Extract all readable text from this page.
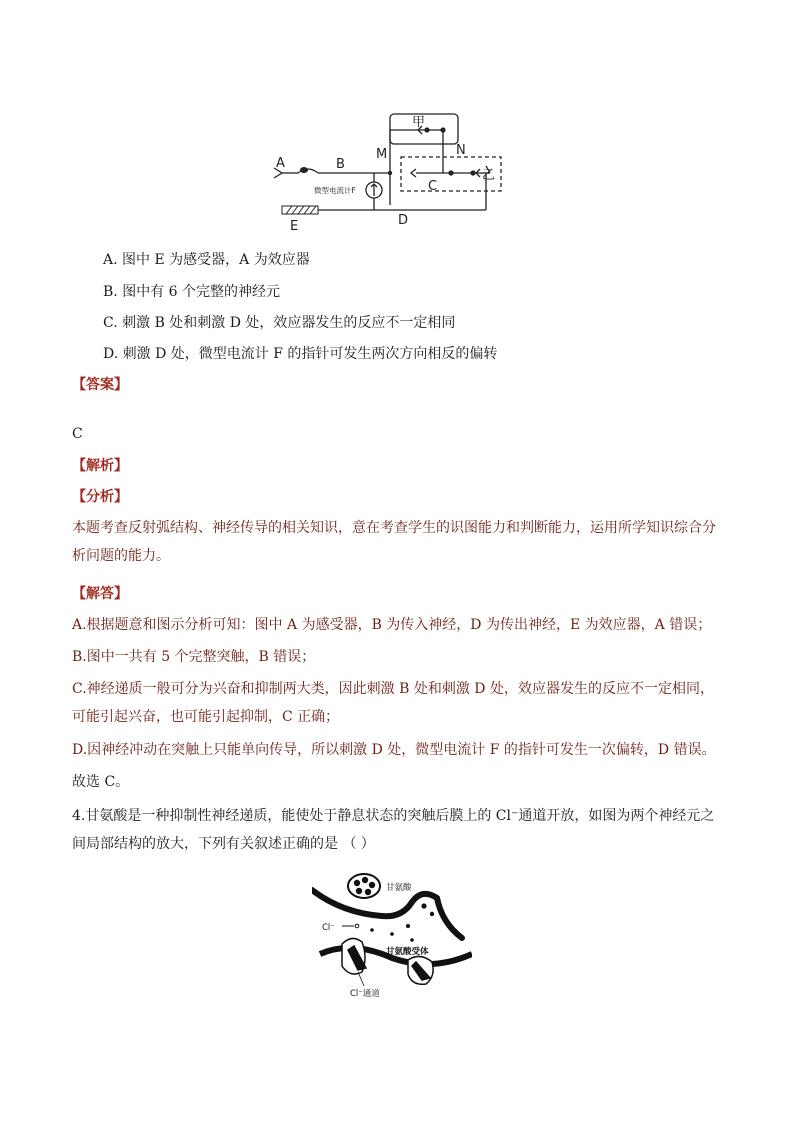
A	B
M
甲
N
C
乙
E	D
微型电流计F
A. 图中 E 为感受器，A 为效应器
B. 图中有 6 个完整的神经元
C. 刺激 B 处和刺激 D 处，效应器发生的反应不一定相同
D. 刺激 D 处，微型电流计 F 的指针可发生两次方向相反的偏转
【答案】
C
【解析】
【分析】
本题考查反射弧结构、神经传导的相关知识，意在考查学生的识图能力和判断能力，运用所学知识综合分析问题的能力。
【解答】
A.根据题意和图示分析可知：图中 A 为感受器，B 为传入神经，D 为传出神经，E 为效应器，A 错误；
B.图中一共有 5 个完整突触，B 错误；
C.神经递质一般可分为兴奋和抑制两大类，因此刺激 B 处和刺激 D 处，效应器发生的反应不一定相同，可能引起兴奋，也可能引起抑制，C 正确；
D.因神经冲动在突触上只能单向传导，所以刺激 D 处，微型电流计 F 的指针可发生一次偏转，D 错误。
故选 C。
4.甘氨酸是一种抑制性神经递质，能使处于静息状态的突触后膜上的 Cl⁻通道开放，如图为两个神经元之间局部结构的放大，下列有关叙述正确的是 （ ）
甘氨酸
Cl⁻
甘氨酸受体
Cl⁻通道
